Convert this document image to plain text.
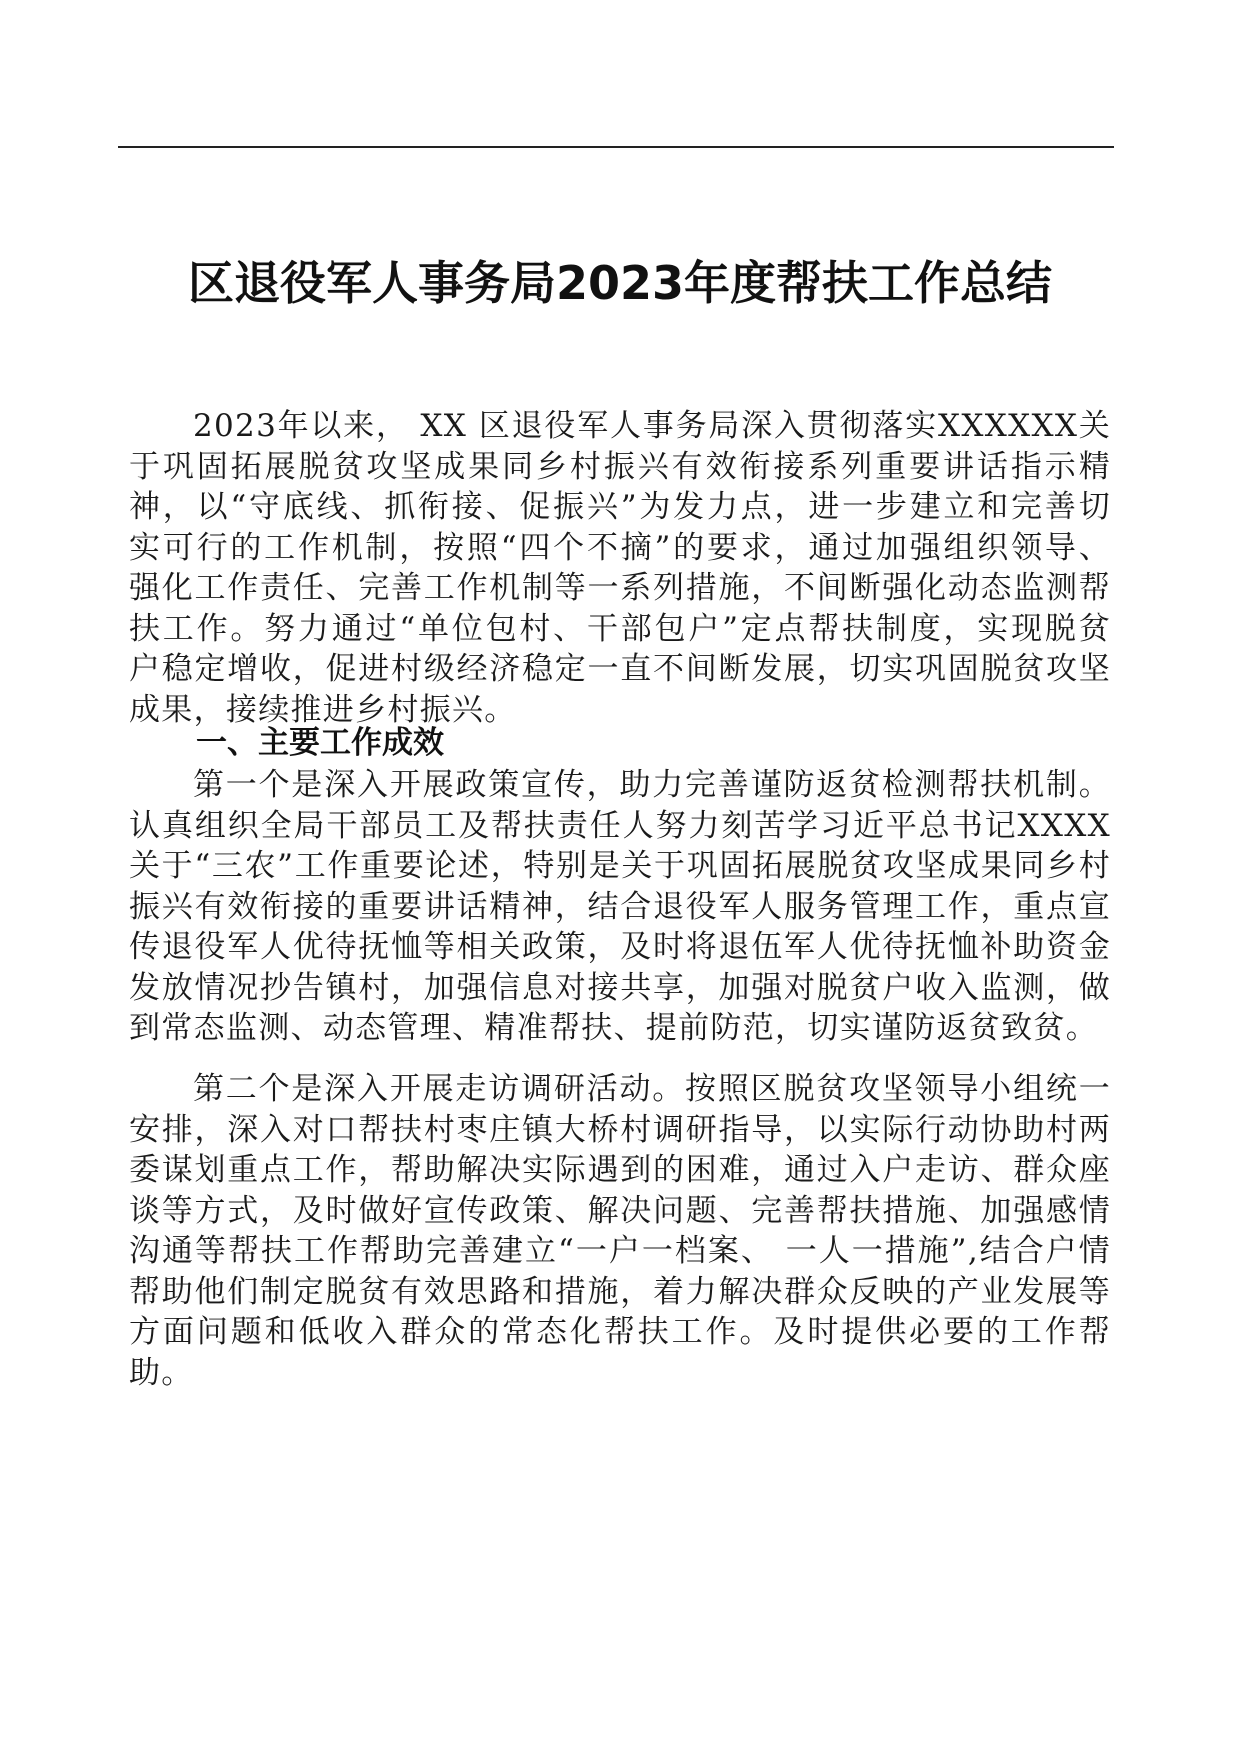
区退役军人事务局2023年度帮扶工作总结

2023年以来， XX 区退役军人事务局深入贯彻落实XXXXXX关 于巩固拓展脱贫攻坚成果同乡村振兴有效衔接系列重要讲话指示精 神，以“守底线、抓衔接、促振兴”为发力点，进一步建立和完善切 实可行的工作机制，按照“四个不摘”的要求，通过加强组织领导、 强化工作责任、完善工作机制等一系列措施，不间断强化动态监测帮 扶工作。努力通过“单位包村、干部包户”定点帮扶制度，实现脱贫 户稳定增收，促进村级经济稳定一直不间断发展，切实巩固脱贫攻坚 成果，接续推进乡村振兴。

一、主要工作成效

第一个是深入开展政策宣传，助力完善谨防返贫检测帮扶机制。认真组织全局干部员工及帮扶责任人努力刻苦学习近平总书记XXXX 关于“三农”工作重要论述，特别是关于巩固拓展脱贫攻坚成果同乡村振兴有效衔接的重要讲话精神，结合退役军人服务管理工作，重点宣传退役军人优待抚恤等相关政策，及时将退伍军人优待抚恤补助资金发放情况抄告镇村，加强信息对接共享，加强对脱贫户收入监测，做到常态监测、动态管理、精准帮扶、提前防范，切实谨防返贫致贫。

第二个是深入开展走访调研活动。按照区脱贫攻坚领导小组统一安排，深入对口帮扶村枣庄镇大桥村调研指导，以实际行动协助村两委谋划重点工作，帮助解决实际遇到的困难，通过入户走访、群众座谈等方式，及时做好宣传政策、解决问题、完善帮扶措施、加强感情沟通等帮扶工作帮助完善建立“一户一档案、 一人一措施”,结合户情帮助他们制定脱贫有效思路和措施，着力解决群众反映的产业发展等方面问题和低收入群众的常态化帮扶工作。及时提供必要的工作帮助。
